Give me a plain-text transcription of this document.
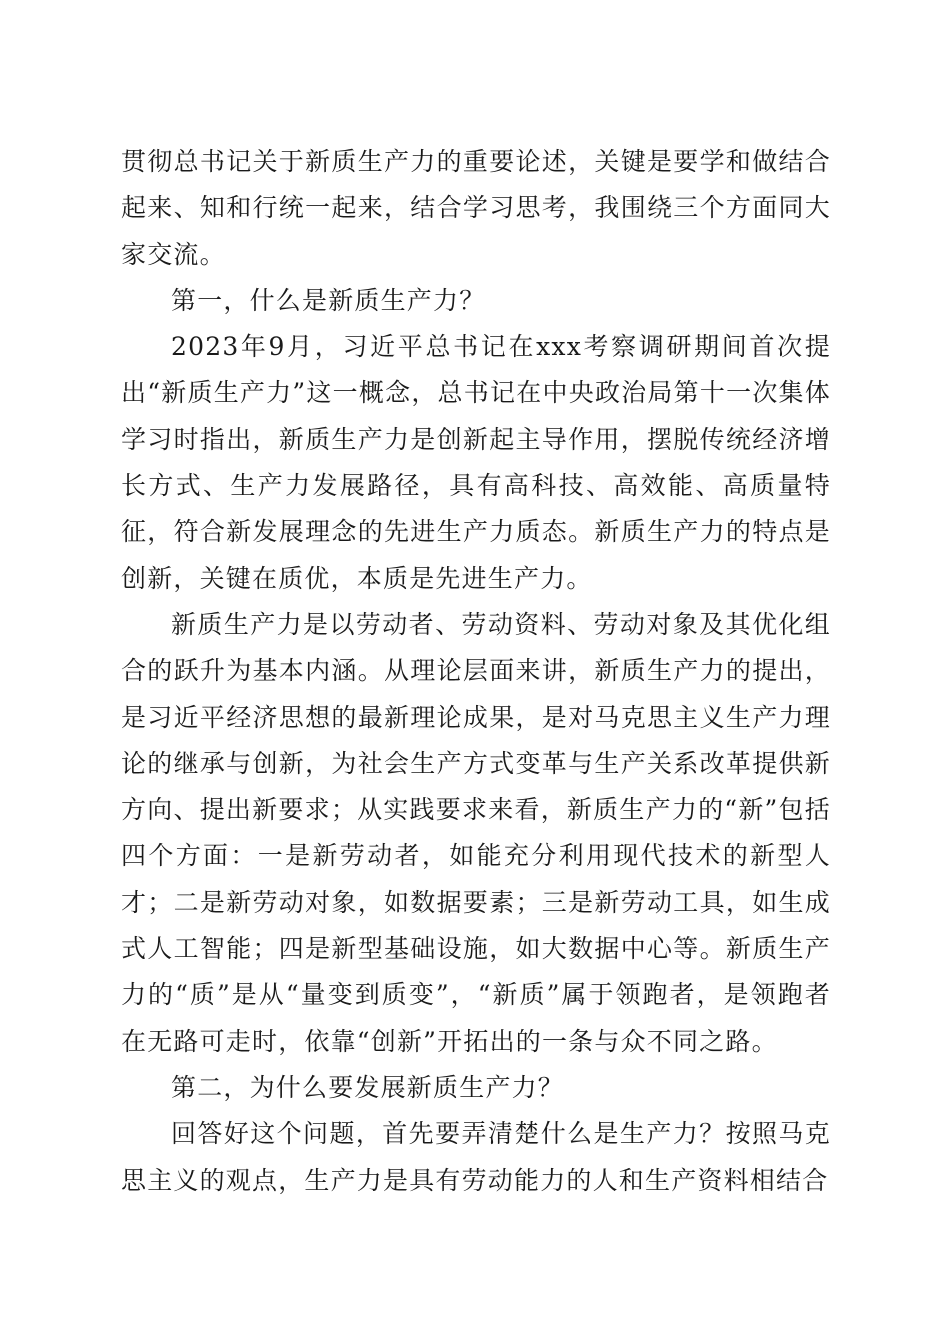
贯彻总书记关于新质生产力的重要论述，关键是要学和做结合起来、知和行统一起来，结合学习思考，我围绕三个方面同大家交流。

第一，什么是新质生产力？

2023年9月，习近平总书记在xxx考察调研期间首次提出“新质生产力”这一概念，总书记在中央政治局第十一次集体学习时指出，新质生产力是创新起主导作用，摆脱传统经济增长方式、生产力发展路径，具有高科技、高效能、高质量特征，符合新发展理念的先进生产力质态。新质生产力的特点是创新，关键在质优，本质是先进生产力。

新质生产力是以劳动者、劳动资料、劳动对象及其优化组合的跃升为基本内涵。从理论层面来讲，新质生产力的提出，是习近平经济思想的最新理论成果，是对马克思主义生产力理论的继承与创新，为社会生产方式变革与生产关系改革提供新方向、提出新要求；从实践要求来看，新质生产力的“新”包括四个方面：一是新劳动者，如能充分利用现代技术的新型人才；二是新劳动对象，如数据要素；三是新劳动工具，如生成式人工智能；四是新型基础设施，如大数据中心等。新质生产力的“质”是从“量变到质变”，“新质”属于领跑者，是领跑者在无路可走时，依靠“创新”开拓出的一条与众不同之路。

第二，为什么要发展新质生产力？

回答好这个问题，首先要弄清楚什么是生产力？按照马克思主义的观点，生产力是具有劳动能力的人和生产资料相结合
